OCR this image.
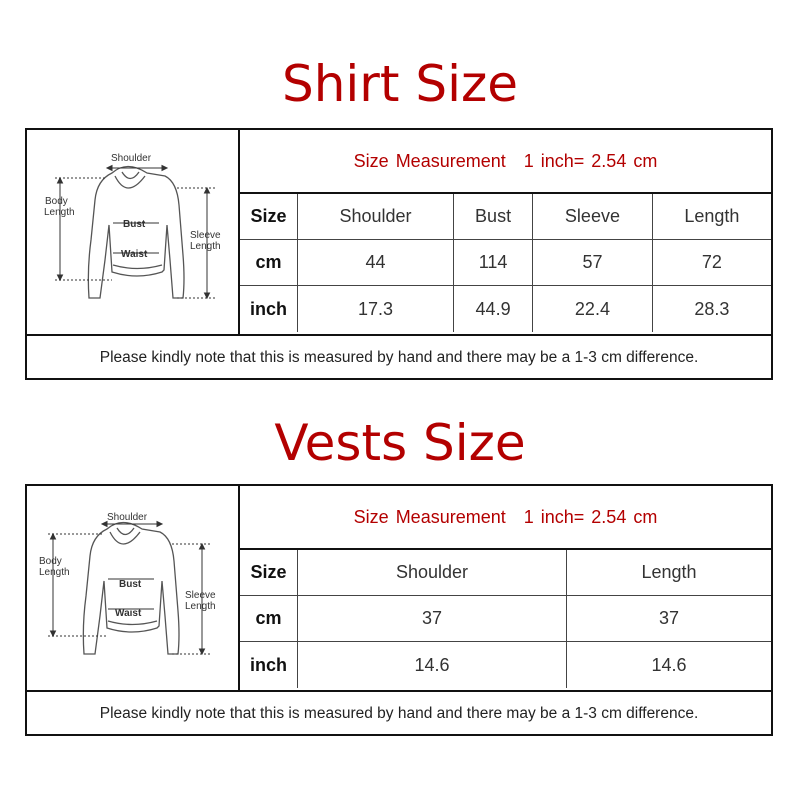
Shirt Size
Shoulder
Body
Length
Bust
Waist
Sleeve
Length
Size Measurement 1 inch= 2.54 cm
Size	Shoulder	Bust	Sleeve	Length
cm	44	114	57	72
inch	17.3	44.9	22.4	28.3
Please kindly note that this is measured by hand and there may be a 1-3 cm difference.
Vests Size
Shoulder
Body
Length
Bust
Waist
Sleeve
Length
Size Measurement 1 inch= 2.54 cm
Size	Shoulder	Length
cm	37	37
inch	14.6	14.6
Please kindly note that this is measured by hand and there may be a 1-3 cm difference.
